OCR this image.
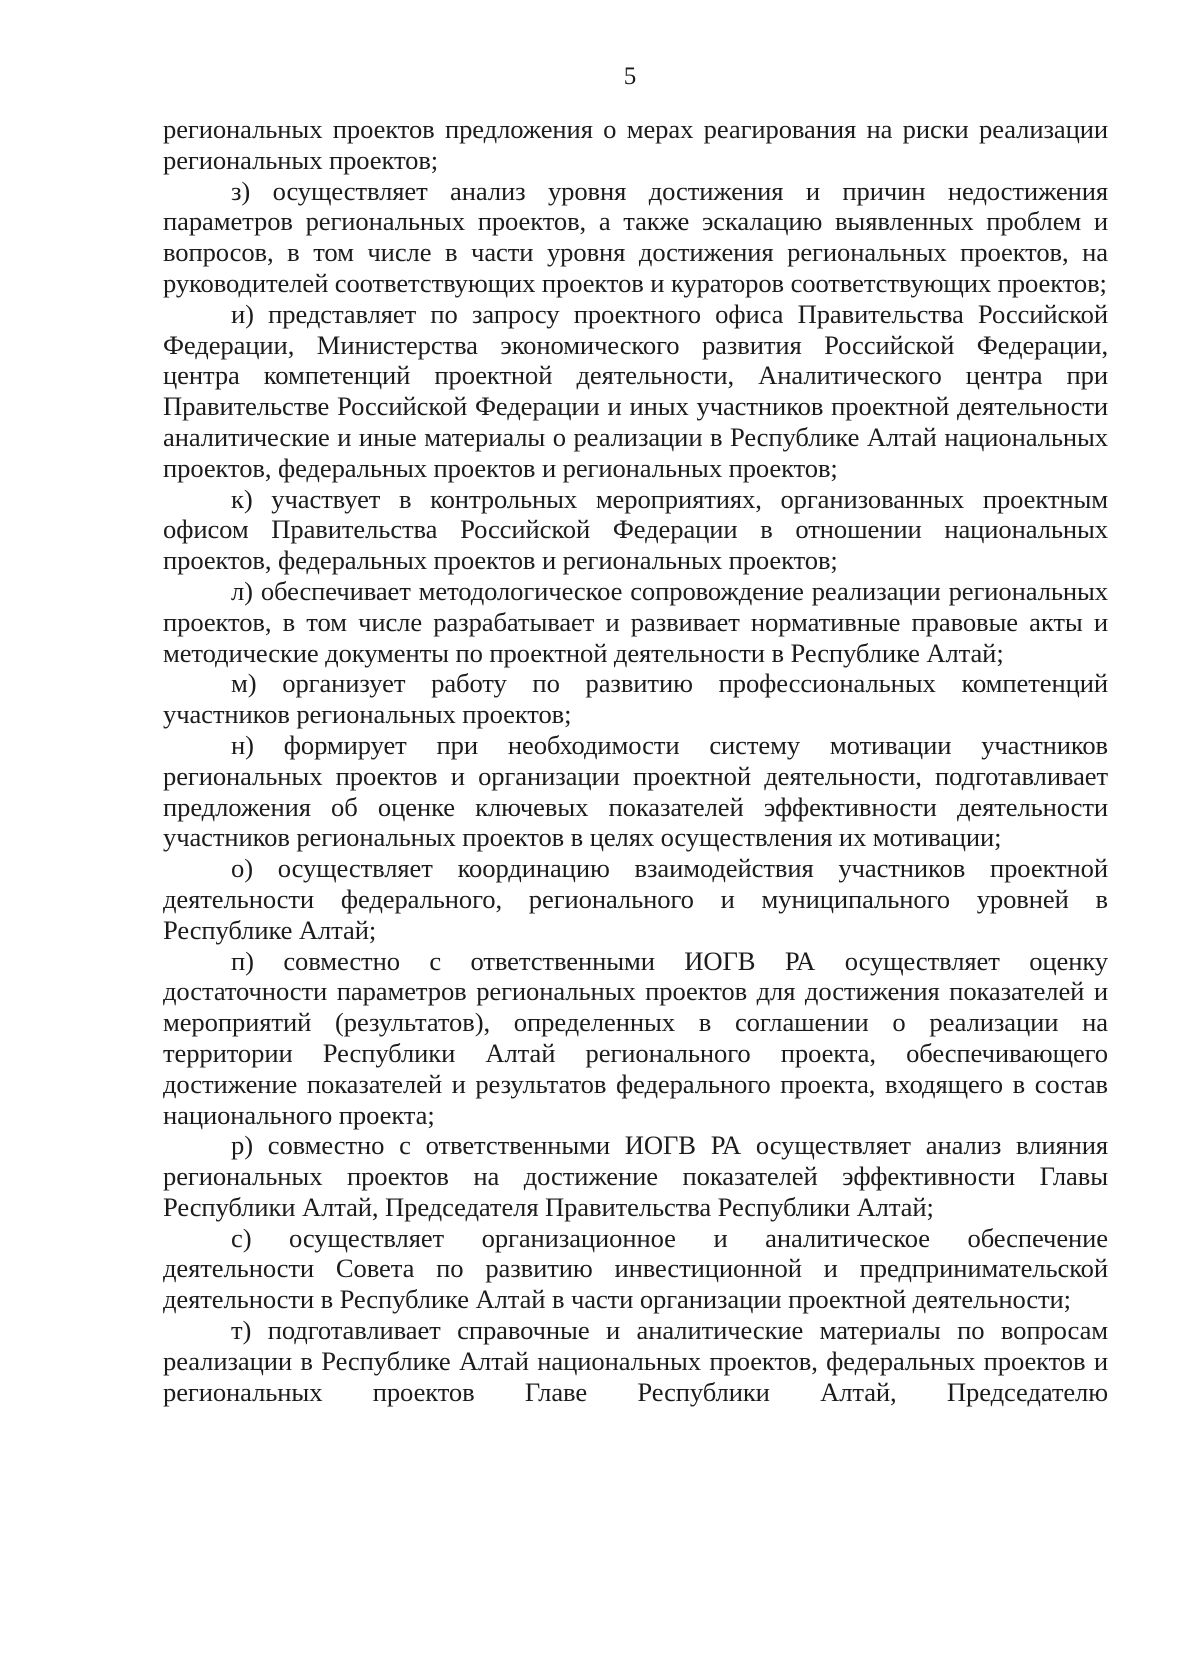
5

региональных проектов предложения о мерах реагирования на риски реализации региональных проектов;

з) осуществляет анализ уровня достижения и причин недостижения параметров региональных проектов, а также эскалацию выявленных проблем и вопросов, в том числе в части уровня достижения региональных проектов, на руководителей соответствующих проектов и кураторов соответствующих проектов;

и) представляет по запросу проектного офиса Правительства Российской Федерации, Министерства экономического развития Российской Федерации, центра компетенций проектной деятельности, Аналитического центра при Правительстве Российской Федерации и иных участников проектной деятельности аналитические и иные материалы о реализации в Республике Алтай национальных проектов, федеральных проектов и региональных проектов;

к) участвует в контрольных мероприятиях, организованных проектным офисом Правительства Российской Федерации в отношении национальных проектов, федеральных проектов и региональных проектов;

л) обеспечивает методологическое сопровождение реализации региональных проектов, в том числе разрабатывает и развивает нормативные правовые акты и методические документы по проектной деятельности в Республике Алтай;

м) организует работу по развитию профессиональных компетенций участников региональных проектов;

н) формирует при необходимости систему мотивации участников региональных проектов и организации проектной деятельности, подготавливает предложения об оценке ключевых показателей эффективности деятельности участников региональных проектов в целях осуществления их мотивации;

о) осуществляет координацию взаимодействия участников проектной деятельности федерального, регионального и муниципального уровней в Республике Алтай;

п) совместно с ответственными ИОГВ РА осуществляет оценку достаточности параметров региональных проектов для достижения показателей и мероприятий (результатов), определенных в соглашении о реализации на территории Республики Алтай регионального проекта, обеспечивающего достижение показателей и результатов федерального проекта, входящего в состав национального проекта;

р) совместно с ответственными ИОГВ РА осуществляет анализ влияния региональных проектов на достижение показателей эффективности Главы Республики Алтай, Председателя Правительства Республики Алтай;

с) осуществляет организационное и аналитическое обеспечение деятельности Совета по развитию инвестиционной и предпринимательской деятельности в Республике Алтай в части организации проектной деятельности;

т) подготавливает справочные и аналитические материалы по вопросам реализации в Республике Алтай национальных проектов, федеральных проектов и региональных проектов Главе Республики Алтай, Председателю
